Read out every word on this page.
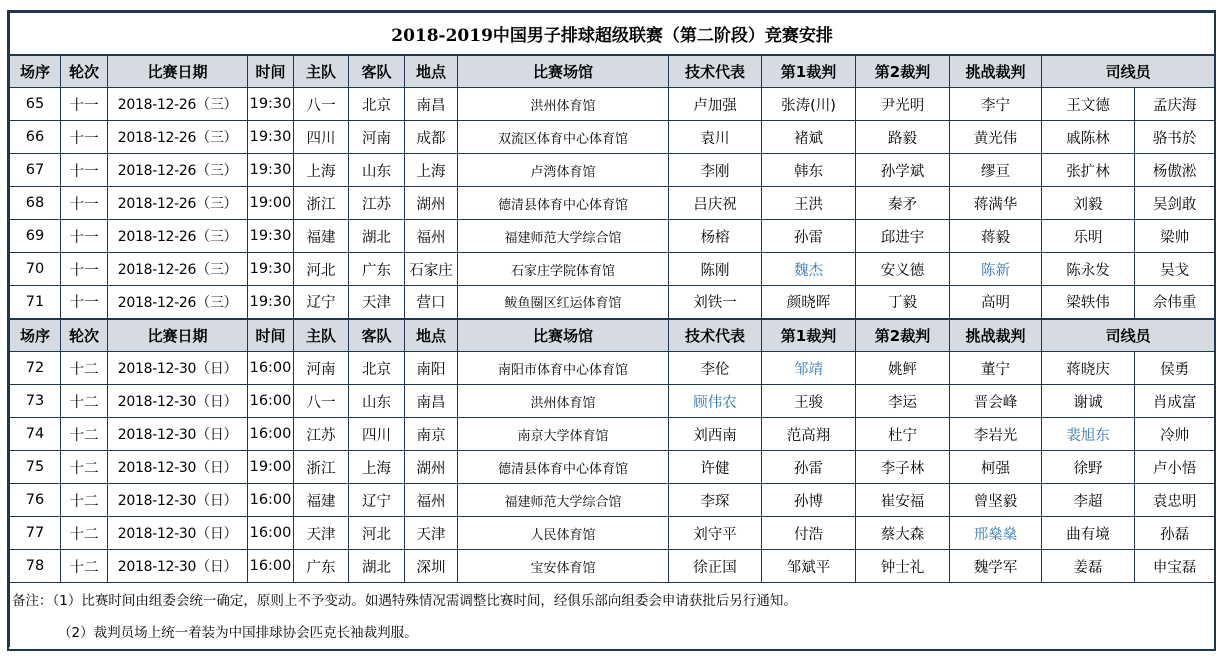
2018-2019中国男子排球超级联赛（第二阶段）竞赛安排													
场序	轮次	比赛日期	时间	主队	客队	地点	比赛场馆	技术代表	第1裁判	第2裁判	挑战裁判	司线员	
65	十一	2018-12-26（三）	19:30	八一	北京	南昌	洪州体育馆	卢加强	张涛(川)	尹光明	李宁	王文德	孟庆海
66	十一	2018-12-26（三）	19:30	四川	河南	成都	双流区体育中心体育馆	袁川	褚斌	路毅	黄光伟	戚陈林	骆书於
67	十一	2018-12-26（三）	19:30	上海	山东	上海	卢湾体育馆	李刚	韩东	孙学斌	缪亘	张扩林	杨傲淞
68	十一	2018-12-26（三）	19:00	浙江	江苏	湖州	德清县体育中心体育馆	吕庆祝	王洪	秦矛	蒋满华	刘毅	吴剑敢
69	十一	2018-12-26（三）	19:30	福建	湖北	福州	福建师范大学综合馆	杨榕	孙雷	邱进宇	蒋毅	乐明	梁帅
70	十一	2018-12-26（三）	19:30	河北	广东	石家庄	石家庄学院体育馆	陈刚	魏杰	安义德	陈新	陈永发	吴戈
71	十一	2018-12-26（三）	19:30	辽宁	天津	营口	鲅鱼圈区红运体育馆	刘铁一	颜晓晖	丁毅	高明	梁轶伟	佘伟重
场序	轮次	比赛日期	时间	主队	客队	地点	比赛场馆	技术代表	第1裁判	第2裁判	挑战裁判	司线员	
72	十二	2018-12-30（日）	16:00	河南	北京	南阳	南阳市体育中心体育馆	李伦	邹靖	姚鲆	董宁	蒋晓庆	侯勇
73	十二	2018-12-30（日）	16:00	八一	山东	南昌	洪州体育馆	顾伟农	王骏	李运	晋会峰	谢诚	肖成富
74	十二	2018-12-30（日）	16:00	江苏	四川	南京	南京大学体育馆	刘西南	范高翔	杜宁	李岩光	裴旭东	冷帅
75	十二	2018-12-30（日）	19:00	浙江	上海	湖州	德清县体育中心体育馆	许健	孙雷	李子林	柯强	徐野	卢小悟
76	十二	2018-12-30（日）	16:00	福建	辽宁	福州	福建师范大学综合馆	李琛	孙博	崔安福	曾坚毅	李超	袁忠明
77	十二	2018-12-30（日）	16:00	天津	河北	天津	人民体育馆	刘守平	付浩	蔡大森	邢燊燊	曲有境	孙磊
78	十二	2018-12-30（日）	16:00	广东	湖北	深圳	宝安体育馆	徐正国	邹斌平	钟士礼	魏学军	姜磊	申宝磊
备注：（1）比赛时间由组委会统一确定，原则上不予变动。如遇特殊情况需调整比赛时间，经俱乐部向组委会申请获批后另行通知。													
（2）裁判员场上统一着装为中国排球协会匹克长袖裁判服。													
